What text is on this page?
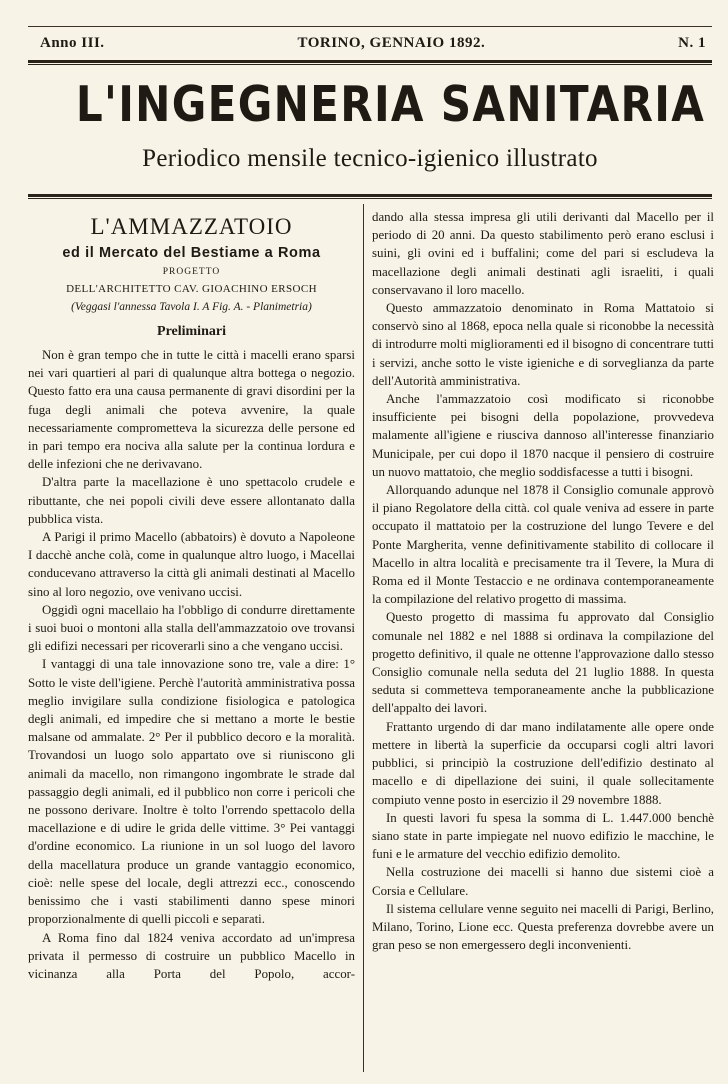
Anno III.	TORINO, GENNAIO 1892.	N. 1
L'INGEGNERIA SANITARIA
Periodico mensile tecnico-igienico illustrato
L'AMMAZZATOIO
ed il Mercato del Bestiame a Roma
PROGETTO
DELL'ARCHITETTO CAV. GIOACHINO ERSOCH
(Veggasi l'annessa Tavola I. A Fig. A. - Planimetria)
Preliminari

Non è gran tempo che in tutte le città i macelli erano sparsi nei vari quartieri al pari di qualunque altra bottega o negozio. Questo fatto era una causa permanente di gravi disordini per la fuga degli animali che poteva avvenire, la quale necessariamente comprometteva la sicurezza delle persone ed in pari tempo era nociva alla salute per la continua lordura e delle infezioni che ne derivavano.

D'altra parte la macellazione è uno spettacolo crudele e ributtante, che nei popoli civili deve essere allontanato dalla pubblica vista.

A Parigi il primo Macello (abbatoirs) è dovuto a Napoleone I dacchè anche colà, come in qualunque altro luogo, i Macellai conducevano attraverso la città gli animali destinati al Macello sino al loro negozio, ove venivano uccisi.

Oggidì ogni macellaio ha l'obbligo di condurre direttamente i suoi buoi o montoni alla stalla dell'ammazzatoio ove trovansi gli edifizi necessari per ricoverarli sino a che vengano uccisi.

I vantaggi di una tale innovazione sono tre, vale a dire: 1° Sotto le viste dell'igiene. Perchè l'autorità amministrativa possa meglio invigilare sulla condizione fisiologica e patologica degli animali, ed impedire che si mettano a morte le bestie malsane od ammalate. 2° Per il pubblico decoro e la moralità. Trovandosi un luogo solo appartato ove si riuniscono gli animali da macello, non rimangono ingombrate le strade dal passaggio degli animali, ed il pubblico non corre i pericoli che ne possono derivare. Inoltre è tolto l'orrendo spettacolo della macellazione e di udire le grida delle vittime. 3° Pei vantaggi d'ordine economico. La riunione in un sol luogo del lavoro della macellatura produce un grande vantaggio economico, cioè: nelle spese del locale, degli attrezzi ecc., conoscendo benissimo che i vasti stabilimenti danno spese minori proporzionalmente di quelli piccoli e separati.

A Roma fino dal 1824 veniva accordato ad un'impresa privata il permesso di costruire un pubblico Macello in vicinanza alla Porta del Popolo, accor-

dando alla stessa impresa gli utili derivanti dal Macello per il periodo di 20 anni. Da questo stabilimento però erano esclusi i suini, gli ovini ed i buffalini; come del pari si escludeva la macellazione degli animali destinati agli israeliti, i quali conservavano il loro macello.

Questo ammazzatoio denominato in Roma Mattatoio si conservò sino al 1868, epoca nella quale si riconobbe la necessità di introdurre molti miglioramenti ed il bisogno di concentrare tutti i servizi, anche sotto le viste igieniche e di sorveglianza da parte dell'Autorità amministrativa.

Anche l'ammazzatoio così modificato si riconobbe insufficiente pei bisogni della popolazione, provvedeva malamente all'igiene e riusciva dannoso all'interesse finanziario Municipale, per cui dopo il 1870 nacque il pensiero di costruire un nuovo mattatoio, che meglio soddisfacesse a tutti i bisogni.

Allorquando adunque nel 1878 il Consiglio comunale approvò il piano Regolatore della città. col quale veniva ad essere in parte occupato il mattatoio per la costruzione del lungo Tevere e del Ponte Margherita, venne definitivamente stabilito di collocare il Macello in altra località e precisamente tra il Tevere, la Mura di Roma ed il Monte Testaccio e ne ordinava contemporaneamente la compilazione del relativo progetto di massima.

Questo progetto di massima fu approvato dal Consiglio comunale nel 1882 e nel 1888 si ordinava la compilazione del progetto definitivo, il quale ne ottenne l'approvazione dallo stesso Consiglio comunale nella seduta del 21 luglio 1888. In questa seduta si commetteva temporaneamente anche la pubblicazione dell'appalto dei lavori.

Frattanto urgendo di dar mano indilatamente alle opere onde mettere in libertà la superficie da occuparsi cogli altri lavori pubblici, si principiò la costruzione dell'edifizio destinato al macello e di dipellazione dei suini, il quale sollecitamente compiuto venne posto in esercizio il 29 novembre 1888.

In questi lavori fu spesa la somma di L. 1.447.000 benchè siano state in parte impiegate nel nuovo edifizio le macchine, le funi e le armature del vecchio edifizio demolito.

Nella costruzione dei macelli si hanno due sistemi cioè a Corsia e Cellulare.

Il sistema cellulare venne seguito nei macelli di Parigi, Berlino, Milano, Torino, Lione ecc. Questa preferenza dovrebbe avere un gran peso se non emergessero degli inconvenienti.
